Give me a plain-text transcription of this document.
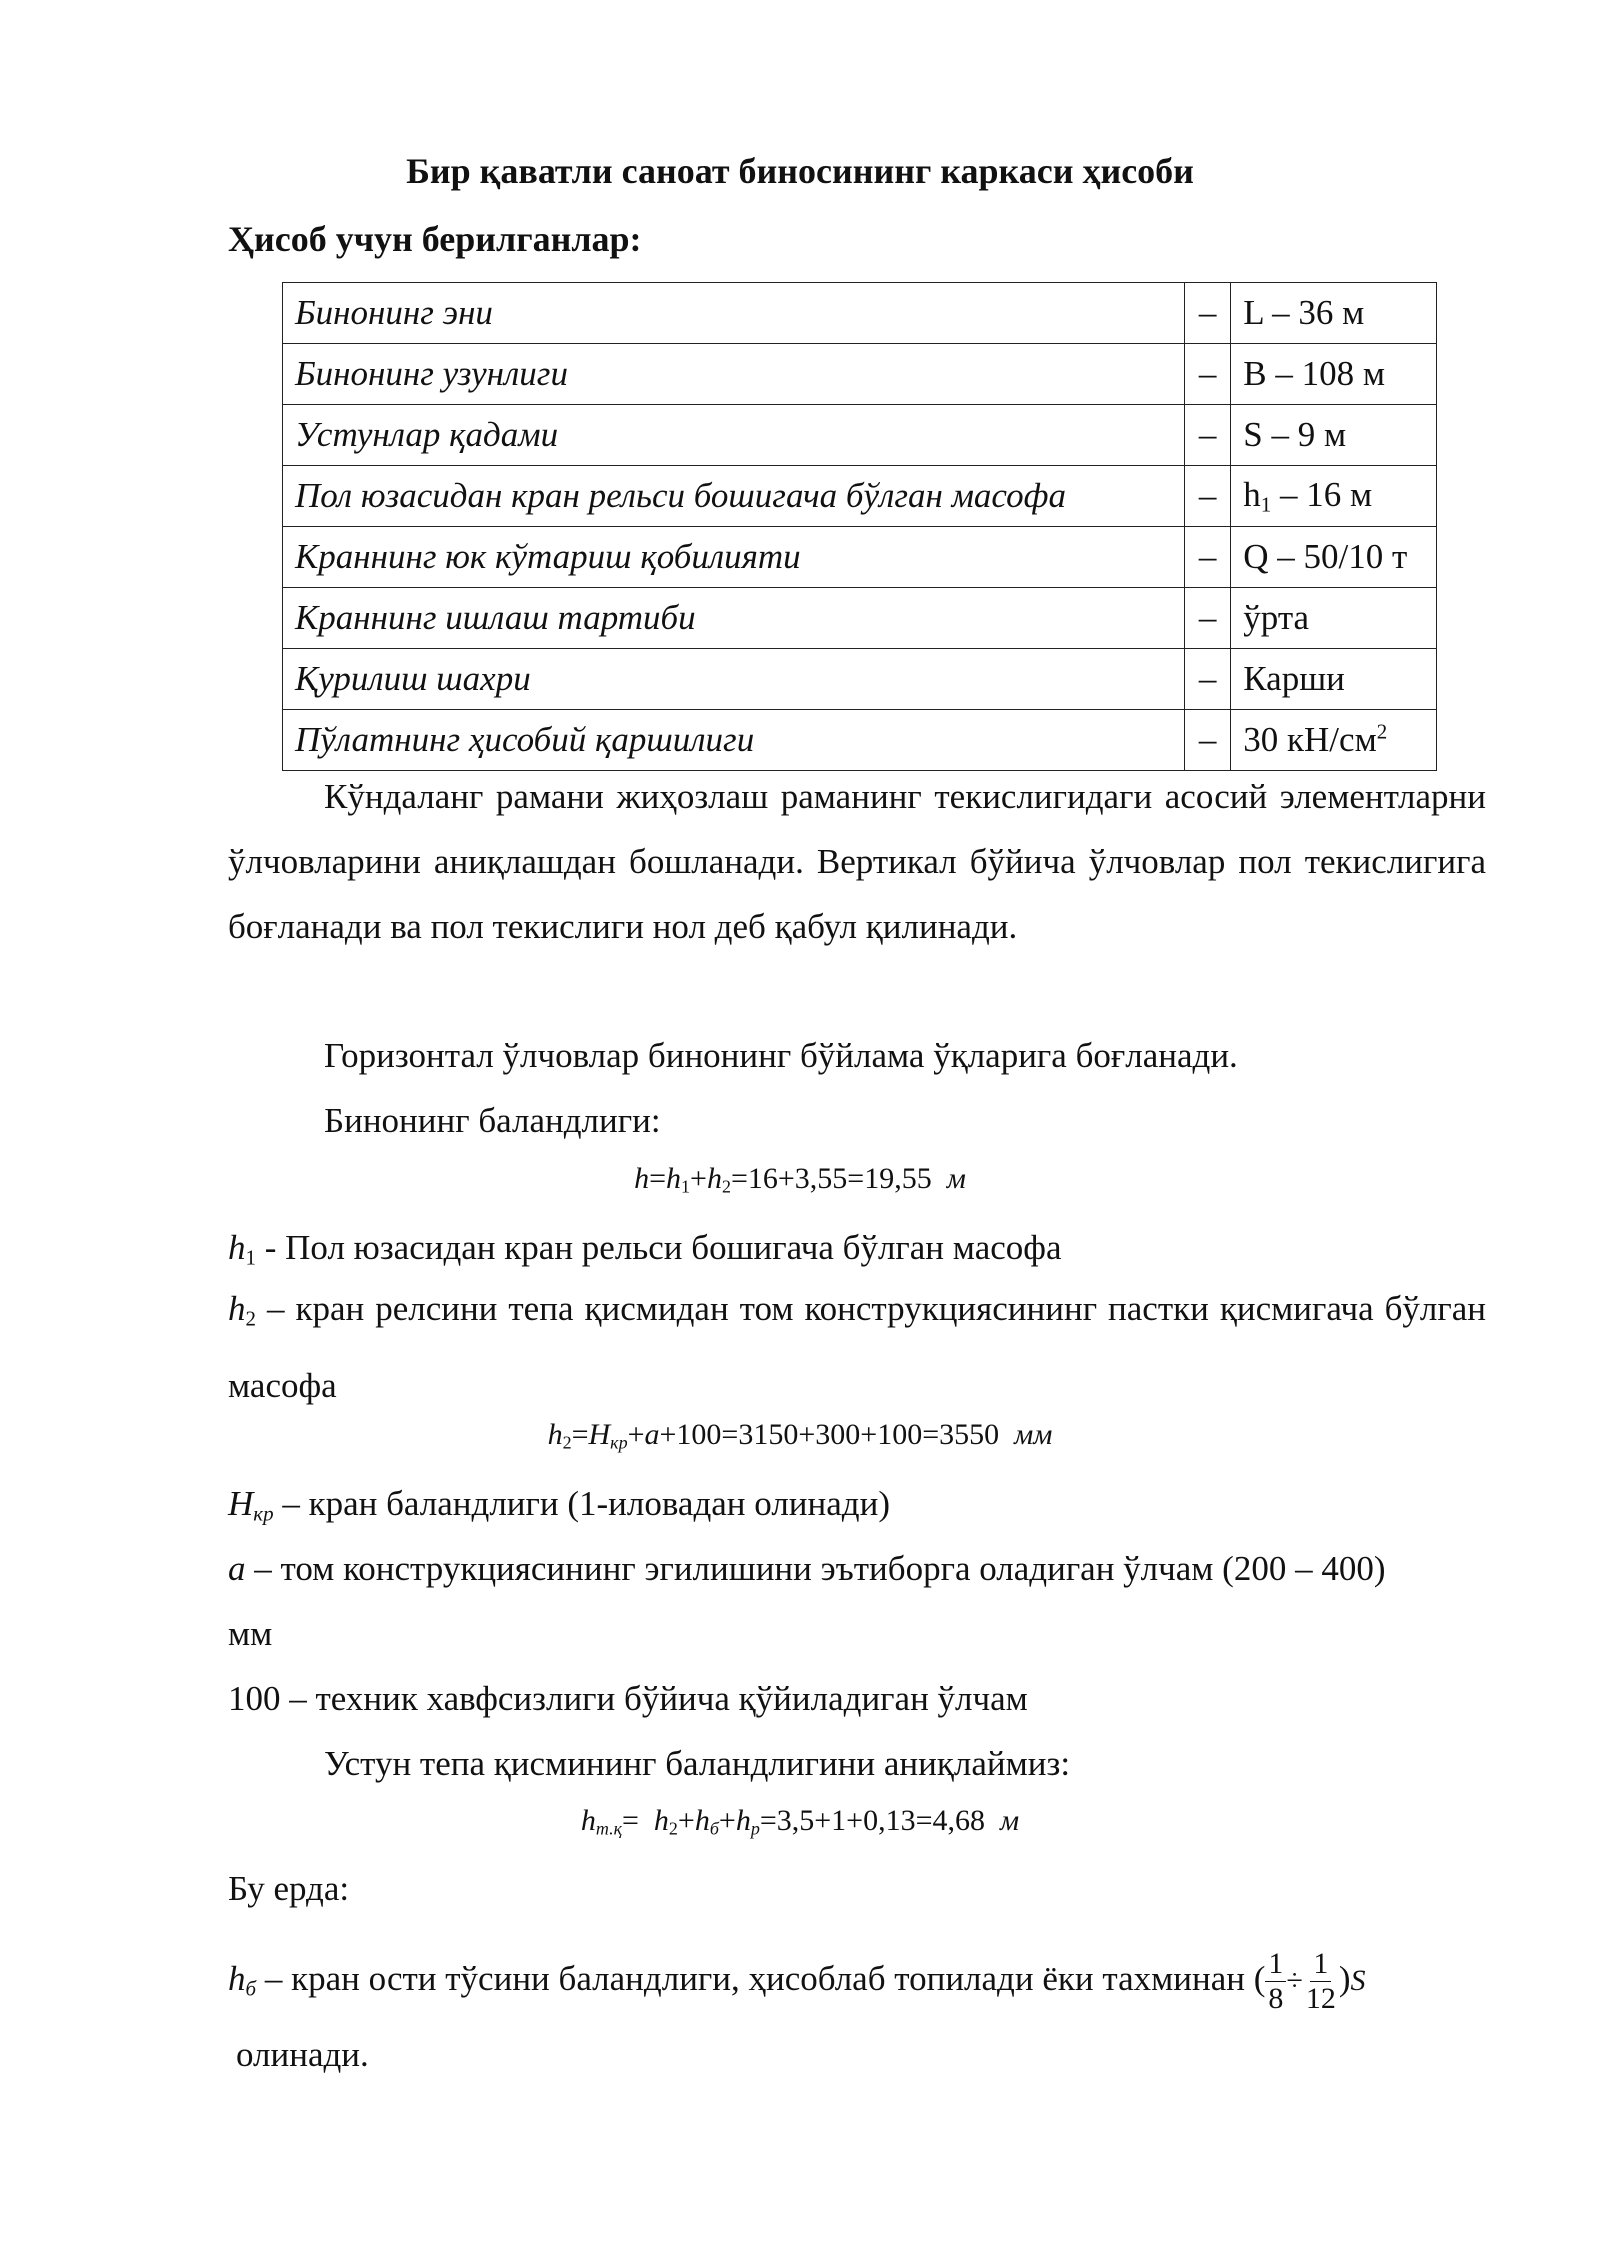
Бир қаватли саноат биносининг каркаси ҳисоби
Ҳисоб учун берилганлар:
Бинонинг эни	–	L – 36 м
Бинонинг узунлиги	–	B – 108 м
Устунлар қадами	–	S – 9 м
Пол юзасидан кран рельси бошигача бўлган масофа	–	$h_1 - 16$ м
Краннинг юк кўтариш қобилияти	–	Q – 50/10 т
Краннинг ишлаш тартиби	–	ўрта
Қурилиш шахри	–	Карши
Пўлатнинг ҳисобий қаршилиги	–	30 $кН/см^2$
Кўндаланг рамани жиҳозлаш раманинг текислигидаги асосий элементларни ўлчовларини аниқлашдан бошланади. Вертикал бўйича ўлчовлар пол текислигига боғланади ва пол текислиги нол деб қабул қилинади.
Горизонтал ўлчовлар бинонинг бўйлама ўқларига боғланади.
Бинонинг баландлиги:
$h=h_1+h_2=16+3,55=19,55$ м
$h_1$ - Пол юзасидан кран рельси бошигача бўлган масофа
$h_2$ – кран релсини тепа қисмидан том конструкциясининг пастки қисмигача бўлган масофа
$h_2=H_{кр}+a+100=3150+300+100=3550$ мм
$H_{кр}$ – кран баландлиги (1-иловадан олинади)
a – том конструкциясининг эгилишини эътиборга оладиган ўлчам (200 – 400)
мм
100 – техник хавфсизлиги бўйича қўйиладиган ўлчам
Устун тепа қисмининг баландлигини аниқлаймиз:
$h_{т.қ}= h_2+h_б+h_р=3,5+1+0,13=4,68$ м
Бу ерда:
$h_б$ – кран ости тўсини баландлиги, ҳисоблаб топилади ёки тахминан ( $\frac{1}{8} \div \frac{1}{12} )S$
олинади.
